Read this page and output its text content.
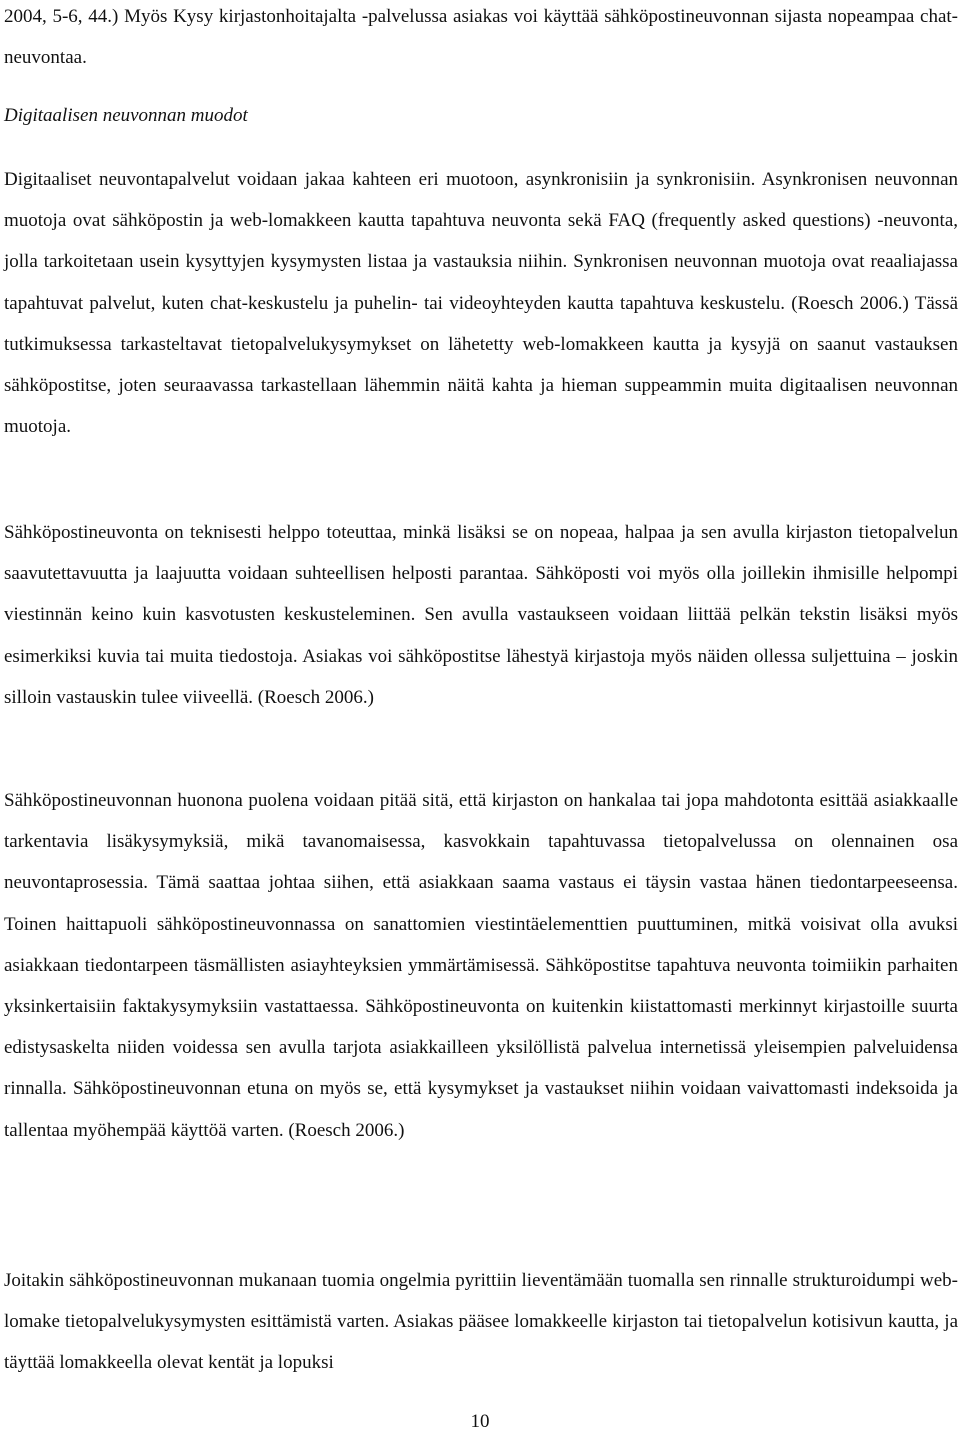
2004, 5-6, 44.) Myös Kysy kirjastonhoitajalta -palvelussa asiakas voi käyttää sähköpostineuvonnan sijasta nopeampaa chat-neuvontaa.

Digitaalisen neuvonnan muodot

Digitaaliset neuvontapalvelut voidaan jakaa kahteen eri muotoon, asynkronisiin ja synkronisiin. Asynkronisen neuvonnan muotoja ovat sähköpostin ja web-lomakkeen kautta tapahtuva neuvonta sekä FAQ (frequently asked questions) -neuvonta, jolla tarkoitetaan usein kysyttyjen kysymysten listaa ja vastauksia niihin. Synkronisen neuvonnan muotoja ovat reaaliajassa tapahtuvat palvelut, kuten chat-keskustelu ja puhelin- tai videoyhteyden kautta tapahtuva keskustelu. (Roesch 2006.) Tässä tutkimuksessa tarkasteltavat tietopalvelukysymykset on lähetetty web-lomakkeen kautta ja kysyjä on saanut vastauksen sähköpostitse, joten seuraavassa tarkastellaan lähemmin näitä kahta ja hieman suppeammin muita digitaalisen neuvonnan muotoja.

Sähköpostineuvonta on teknisesti helppo toteuttaa, minkä lisäksi se on nopeaa, halpaa ja sen avulla kirjaston tietopalvelun saavutettavuutta ja laajuutta voidaan suhteellisen helposti parantaa. Sähköposti voi myös olla joillekin ihmisille helpompi viestinnän keino kuin kasvotusten keskusteleminen. Sen avulla vastaukseen voidaan liittää pelkän tekstin lisäksi myös esimerkiksi kuvia tai muita tiedostoja. Asiakas voi sähköpostitse lähestyä kirjastoja myös näiden ollessa suljettuina – joskin silloin vastauskin tulee viiveellä. (Roesch 2006.)

Sähköpostineuvonnan huonona puolena voidaan pitää sitä, että kirjaston on hankalaa tai jopa mahdotonta esittää asiakkaalle tarkentavia lisäkysymyksiä, mikä tavanomaisessa, kasvokkain tapahtuvassa tietopalvelussa on olennainen osa neuvontaprosessia. Tämä saattaa johtaa siihen, että asiakkaan saama vastaus ei täysin vastaa hänen tiedontarpeeseensa. Toinen haittapuoli sähköpostineuvonnassa on sanattomien viestintäelementtien puuttuminen, mitkä voisivat olla avuksi asiakkaan tiedontarpeen täsmällisten asiayhteyksien ymmärtämisessä. Sähköpostitse tapahtuva neuvonta toimiikin parhaiten yksinkertaisiin faktakysymyksiin vastattaessa. Sähköpostineuvonta on kuitenkin kiistattomasti merkinnyt kirjastoille suurta edistysaskelta niiden voidessa sen avulla tarjota asiakkailleen yksilöllistä palvelua internetissä yleisempien palveluidensa rinnalla. Sähköpostineuvonnan etuna on myös se, että kysymykset ja vastaukset niihin voidaan vaivattomasti indeksoida ja tallentaa myöhempää käyttöä varten. (Roesch 2006.)

Joitakin sähköpostineuvonnan mukanaan tuomia ongelmia pyrittiin lieventämään tuomalla sen rinnalle strukturoidumpi web-lomake tietopalvelukysymysten esittämistä varten. Asiakas pääsee lomakkeelle kirjaston tai tietopalvelun kotisivun kautta, ja täyttää lomakkeella olevat kentät ja lopuksi

10
